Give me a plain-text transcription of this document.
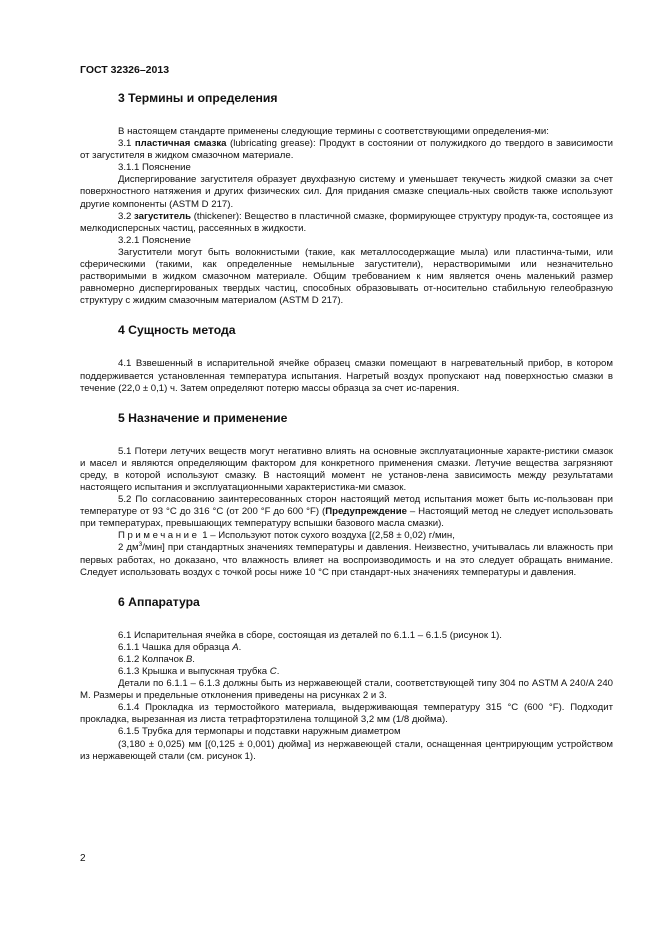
ГОСТ 32326–2013
3 Термины и определения

В настоящем стандарте применены следующие термины с соответствующими определения-ми:

3.1 пластичная смазка (lubricating grease): Продукт в состоянии от полужидкого до твердого в зависимости от загустителя в жидком смазочном материале.

3.1.1 Пояснение

Диспергирование загустителя образует двухфазную систему и уменьшает текучесть жидкой смазки за счет поверхностного натяжения и других физических сил. Для придания смазке специаль-ных свойств также используют другие компоненты (ASTM D 217).

3.2 загуститель (thickener): Вещество в пластичной смазке, формирующее структуру продук-та, состоящее из мелкодисперсных частиц, рассеянных в жидкости.

3.2.1 Пояснение

Загустители могут быть волокнистыми (такие, как металлосодержащие мыла) или пластинча-тыми, или сферическими (такими, как определенные немыльные загустители), нерастворимыми или незначительно растворимыми в жидком смазочном материале. Общим требованием к ним является очень маленький размер равномерно диспергированых твердых частиц, способных образовывать от-носительно стабильную гелеобразную структуру с жидким смазочным материалом (ASTM D 217).

4 Сущность метода

4.1 Взвешенный в испарительной ячейке образец смазки помещают в нагревательный прибор, в котором поддерживается установленная температура испытания. Нагретый воздух пропускают над поверхностью смазки в течение (22,0 ± 0,1) ч. Затем определяют потерю массы образца за счет ис-парения.

5 Назначение и применение

5.1 Потери летучих веществ могут негативно влиять на основные эксплуатационные характе-ристики смазок и масел и являются определяющим фактором для конкретного применения смазки. Летучие вещества загрязняют среду, в которой используют смазку. В настоящий момент не установ-лена зависимость между результатами настоящего испытания и эксплуатационными характеристика-ми смазок.

5.2 По согласованию заинтересованных сторон настоящий метод испытания может быть ис-пользован при температуре от 93 °С до 316 °С (от 200 °F до 600 °F) (Предупреждение – Настоящий метод не следует использовать при температурах, превышающих температуру вспышки базового масла смазки).

Примечание 1 – Используют поток сухого воздуха [(2,58 ± 0,02) г/мин,

2 $дм^3/мин$] при стандартных значениях температуры и давления. Неизвестно, учитывалась ли влажность при первых работах, но доказано, что влажность влияет на воспроизводимость и на это следует обращать внимание. Следует использовать воздух с точкой росы ниже 10 °С при стандарт-ных значениях температуры и давления.

6 Аппаратура

6.1 Испарительная ячейка в сборе, состоящая из деталей по 6.1.1 – 6.1.5 (рисунок 1).

6.1.1 Чашка для образца А.

6.1.2 Колпачок В.

6.1.3 Крышка и выпускная трубка С.

Детали по 6.1.1 – 6.1.3 должны быть из нержавеющей стали, соответствующей типу 304 по ASTM A 240/A 240 M. Размеры и предельные отклонения приведены на рисунках 2 и 3.

6.1.4 Прокладка из термостойкого материала, выдерживающая температуру 315 °С (600 °F). Подходит прокладка, вырезанная из листа тетрафторэтилена толщиной 3,2 мм (1/8 дюйма).

6.1.5 Трубка для термопары и подставки наружным диаметром

(3,180 ± 0,025) мм [(0,125 ± 0,001) дюйма] из нержавеющей стали, оснащенная центрирующим устройством из нержавеющей стали (см. рисунок 1).

2
